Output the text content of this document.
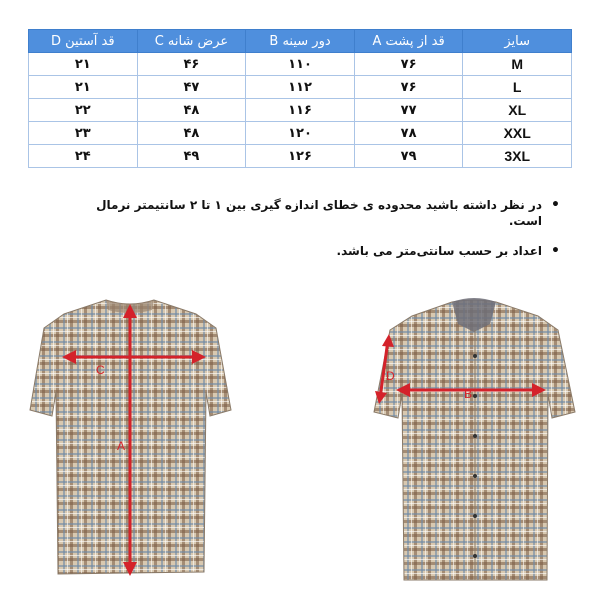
سایز	قد از پشت A	دور سینه B	عرض شانه C	قد آستین D
M	۷۶	۱۱۰	۴۶	۲۱
L	۷۶	۱۱۲	۴۷	۲۱
XL	۷۷	۱۱۶	۴۸	۲۲
XXL	۷۸	۱۲۰	۴۸	۲۳
3XL	۷۹	۱۲۶	۴۹	۲۴
• در نظر داشته باشید محدوده ی خطای اندازه گیری بین ۱ تا ۲ سانتیمتر نرمال است.
• اعداد بر حسب سانتی‌متر می باشد.
C
A
B
D
